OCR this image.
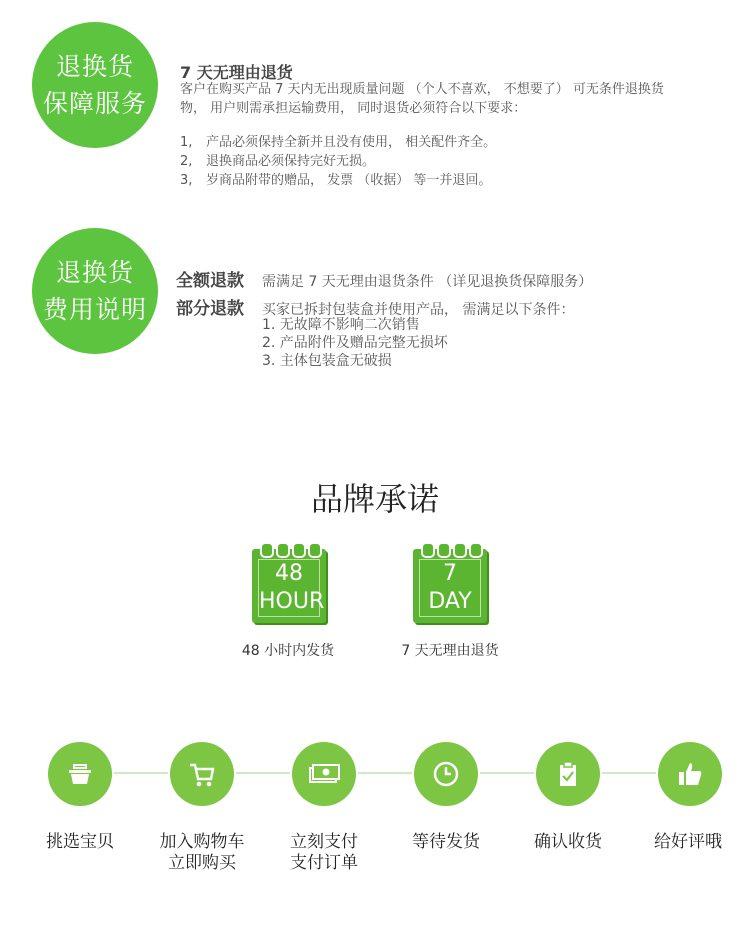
退换货
保障服务
7 天无理由退货
客户在购买产品 7 天内无出现质量问题 （个人不喜欢， 不想要了） 可无条件退换货物， 用户则需承担运输费用， 同时退货必须符合以下要求：
1,	产品必须保持全新并且没有使用， 相关配件齐全。
2,	退换商品必须保持完好无损。
3,	岁商品附带的赠品， 发票 （收据） 等一并退回。
退换货
费用说明
全额退款	需满足 7 天无理由退货条件 （详见退换货保障服务）
部分退款	买家已拆封包装盒并使用产品， 需满足以下条件：
1. 无故障不影响二次销售
2. 产品附件及赠品完整无损坏
3. 主体包装盒无破损
品牌承诺
48
HOUR
48 小时内发货
7
DAY
7 天无理由退货
挑选宝贝	加入购物车
立即购买
立刻支付
支付订单
等待发货	确认收货	给好评哦
